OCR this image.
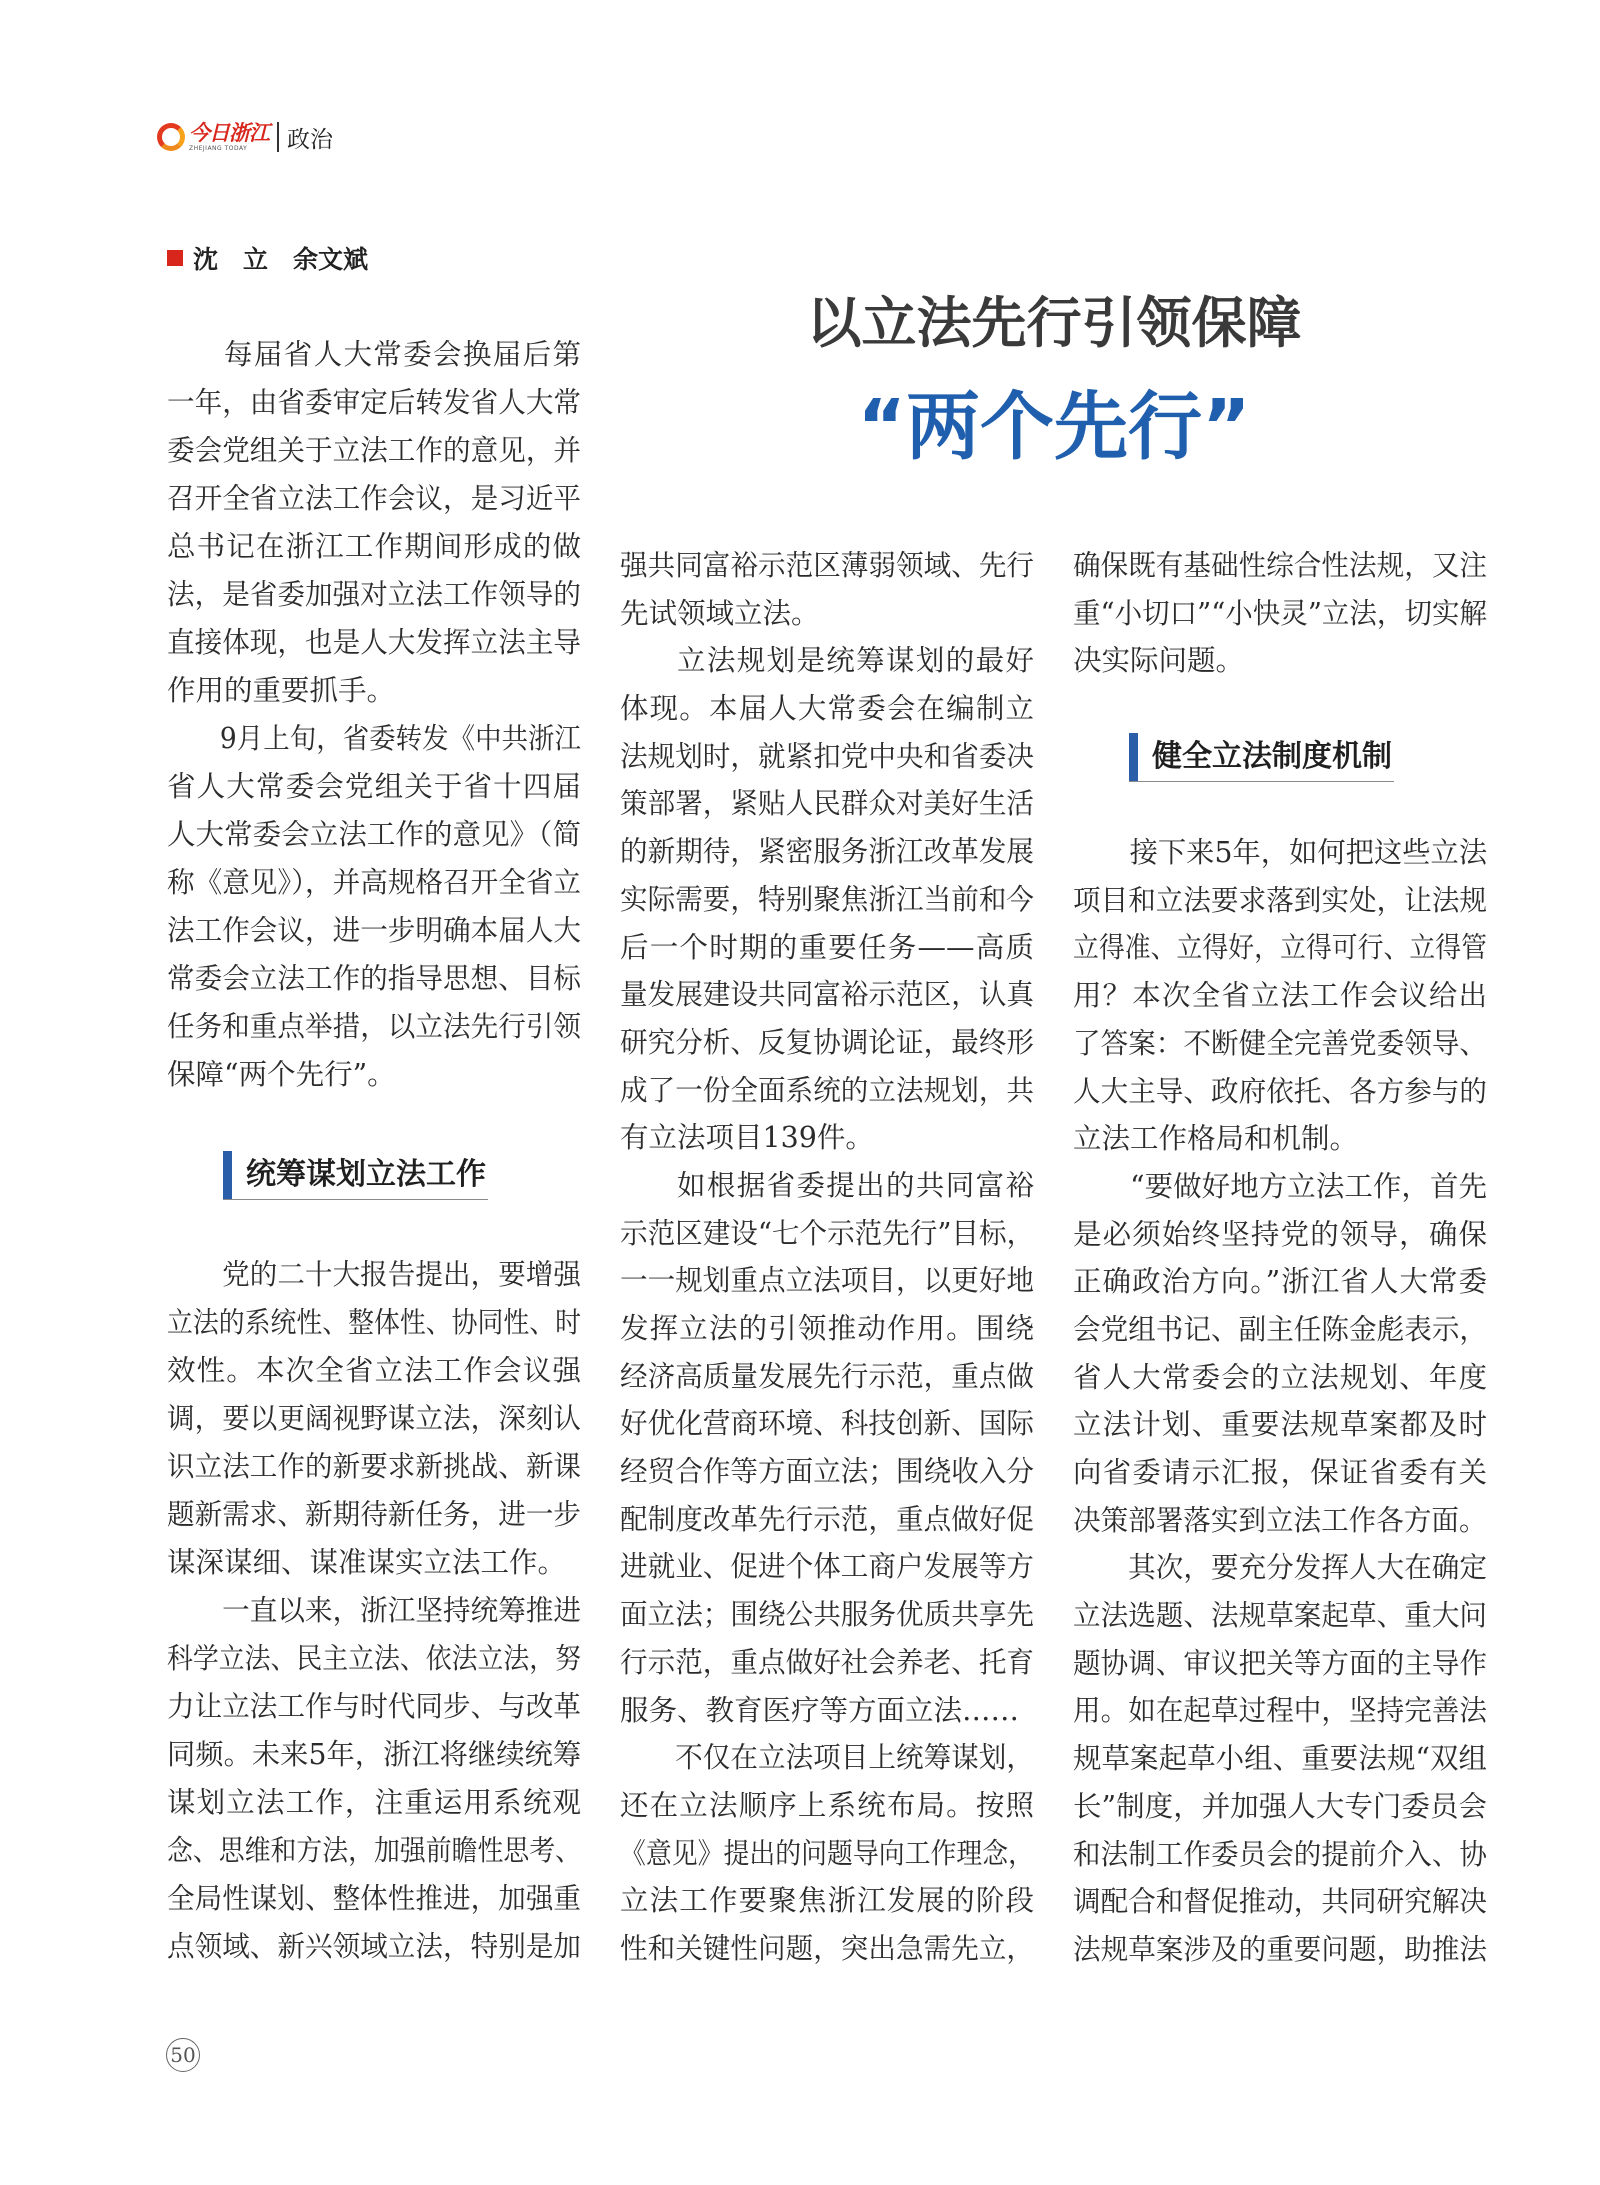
今日浙江
ZHEJIANG TODAY	政治
沈　立　余文斌
以立法先行引领保障
“两个先行”
每届省人大常委会换届后第
一年，由省委审定后转发省人大常
委会党组关于立法工作的意见，并
召开全省立法工作会议，是习近平
总书记在浙江工作期间形成的做
法，是省委加强对立法工作领导的
直接体现，也是人大发挥立法主导
作用的重要抓手。
9月上旬，省委转发《中共浙江
省人大常委会党组关于省十四届
人大常委会立法工作的意见》（简
称《意见》），并高规格召开全省立
法工作会议，进一步明确本届人大
常委会立法工作的指导思想、目标
任务和重点举措，以立法先行引领
保障“两个先行”。
统筹谋划立法工作
党的二十大报告提出，要增强
立法的系统性、整体性、协同性、时
效性。本次全省立法工作会议强
调，要以更阔视野谋立法，深刻认
识立法工作的新要求新挑战、新课
题新需求、新期待新任务，进一步
谋深谋细、谋准谋实立法工作。
一直以来，浙江坚持统筹推进
科学立法、民主立法、依法立法，努
力让立法工作与时代同步、与改革
同频。未来5年，浙江将继续统筹
谋划立法工作，注重运用系统观
念、思维和方法，加强前瞻性思考、
全局性谋划、整体性推进，加强重
点领域、新兴领域立法，特别是加
强共同富裕示范区薄弱领域、先行
先试领域立法。
立法规划是统筹谋划的最好
体现。本届人大常委会在编制立
法规划时，就紧扣党中央和省委决
策部署，紧贴人民群众对美好生活
的新期待，紧密服务浙江改革发展
实际需要，特别聚焦浙江当前和今
后一个时期的重要任务——高质
量发展建设共同富裕示范区，认真
研究分析、反复协调论证，最终形
成了一份全面系统的立法规划，共
有立法项目139件。
如根据省委提出的共同富裕
示范区建设“七个示范先行”目标，
一一规划重点立法项目，以更好地
发挥立法的引领推动作用。围绕
经济高质量发展先行示范，重点做
好优化营商环境、科技创新、国际
经贸合作等方面立法；围绕收入分
配制度改革先行示范，重点做好促
进就业、促进个体工商户发展等方
面立法；围绕公共服务优质共享先
行示范，重点做好社会养老、托育
服务、教育医疗等方面立法……
不仅在立法项目上统筹谋划，
还在立法顺序上系统布局。按照
《意见》提出的问题导向工作理念，
立法工作要聚焦浙江发展的阶段
性和关键性问题，突出急需先立，
确保既有基础性综合性法规，又注
重“小切口”“小快灵”立法，切实解
决实际问题。
健全立法制度机制
接下来5年，如何把这些立法
项目和立法要求落到实处，让法规
立得准、立得好，立得可行、立得管
用？本次全省立法工作会议给出
了答案：不断健全完善党委领导、
人大主导、政府依托、各方参与的
立法工作格局和机制。
“要做好地方立法工作，首先
是必须始终坚持党的领导，确保
正确政治方向。”浙江省人大常委
会党组书记、副主任陈金彪表示，
省人大常委会的立法规划、年度
立法计划、重要法规草案都及时
向省委请示汇报，保证省委有关
决策部署落实到立法工作各方面。
其次，要充分发挥人大在确定
立法选题、法规草案起草、重大问
题协调、审议把关等方面的主导作
用。如在起草过程中，坚持完善法
规草案起草小组、重要法规“双组
长”制度，并加强人大专门委员会
和法制工作委员会的提前介入、协
调配合和督促推动，共同研究解决
法规草案涉及的重要问题，助推法
50
